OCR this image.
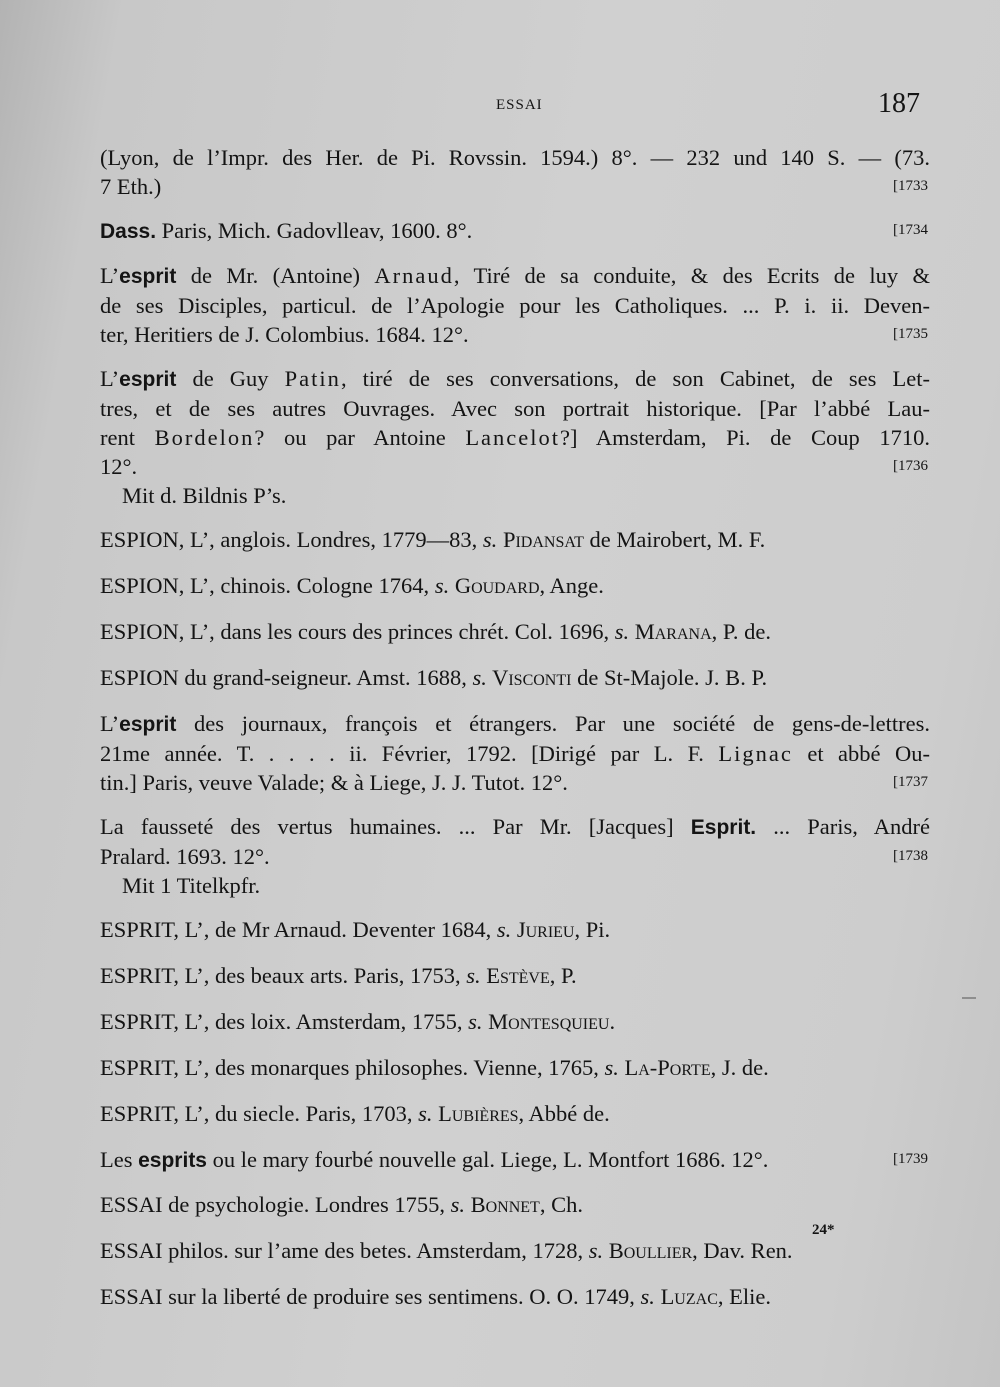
ESSAI	187
(Lyon, de l’Impr. des Her. de Pi. Rovssin. 1594.) 8°. — 232 und 140 S. — (73.
[1733
7 Eth.)
[1734
Dass. Paris, Mich. Gadovlleav, 1600. 8°.
L’esprit de Mr. (Antoine) Arnaud, Tiré de sa conduite, & des Ecrits de luy &
de ses Disciples, particul. de l’Apologie pour les Catholiques. ... P. i. ii. Deven-
[1735
ter, Heritiers de J. Colombius. 1684. 12°.
L’esprit de Guy Patin, tiré de ses conversations, de son Cabinet, de ses Let-
tres, et de ses autres Ouvrages. Avec son portrait historique. [Par l’abbé Lau-
rent Bordelon? ou par Antoine Lancelot?] Amsterdam, Pi. de Coup 1710.
[1736
12°.
Mit d. Bildnis P’s.
ESPION, L’, anglois. Londres, 1779—83, s. Pidansat de Mairobert, M. F.
ESPION, L’, chinois. Cologne 1764, s. Goudard, Ange.
ESPION, L’, dans les cours des princes chrét. Col. 1696, s. Marana, P. de.
ESPION du grand-seigneur. Amst. 1688, s. Visconti de St-Majole. J. B. P.
L’esprit des journaux, françois et étrangers. Par une société de gens-de-lettres.
21me année. T. . . . . ii. Février, 1792. [Dirigé par L. F. Lignac et abbé Ou-
[1737
tin.] Paris, veuve Valade; & à Liege, J. J. Tutot. 12°.
La fausseté des vertus humaines. ... Par Mr. [Jacques] Esprit. ... Paris, André
[1738
Pralard. 1693. 12°.
Mit 1 Titelkpfr.
ESPRIT, L’, de Mr Arnaud. Deventer 1684, s. Jurieu, Pi.
ESPRIT, L’, des beaux arts. Paris, 1753, s. Estève, P.
ESPRIT, L’, des loix. Amsterdam, 1755, s. Montesquieu.
ESPRIT, L’, des monarques philosophes. Vienne, 1765, s. La-Porte, J. de.
ESPRIT, L’, du siecle. Paris, 1703, s. Lubières, Abbé de.
[1739
Les esprits ou le mary fourbé nouvelle gal. Liege, L. Montfort 1686. 12°.
ESSAI de psychologie. Londres 1755, s. Bonnet, Ch.
ESSAI philos. sur l’ame des betes. Amsterdam, 1728, s. Boullier, Dav. Ren.
ESSAI sur la liberté de produire ses sentimens. O. O. 1749, s. Luzac, Elie.
24*
